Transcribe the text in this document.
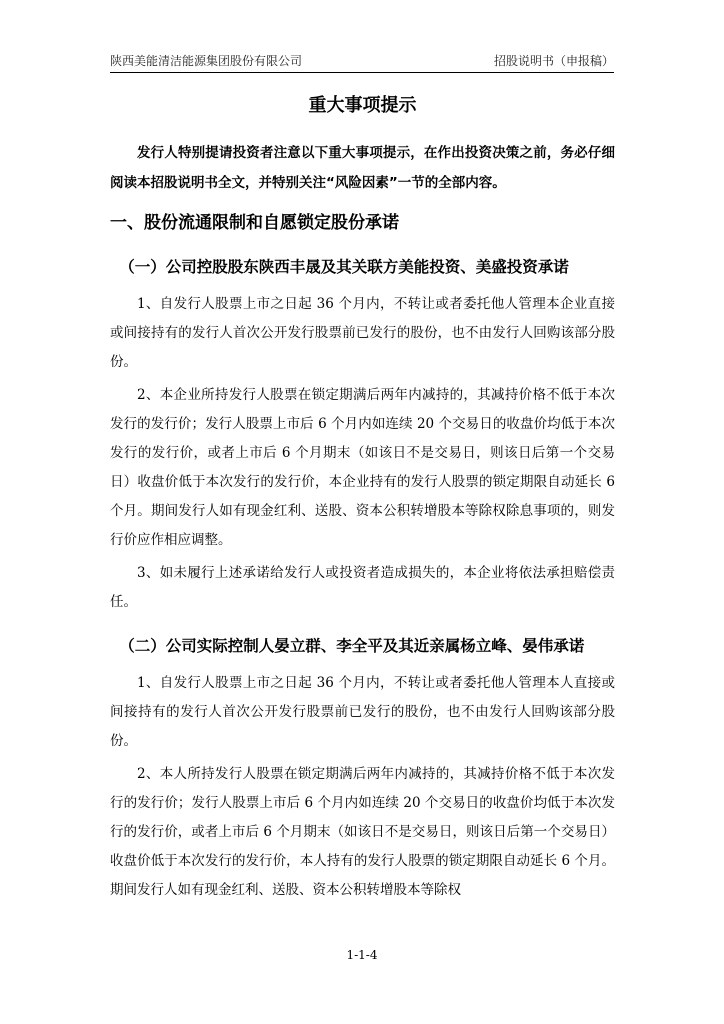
陕西美能清洁能源集团股份有限公司	招股说明书（申报稿）
重大事项提示

发行人特别提请投资者注意以下重大事项提示，在作出投资决策之前，务必仔细阅读本招股说明书全文，并特别关注“风险因素”一节的全部内容。

一、股份流通限制和自愿锁定股份承诺
（一）公司控股股东陕西丰晟及其关联方美能投资、美盛投资承诺

1、自发行人股票上市之日起 36 个月内，不转让或者委托他人管理本企业直接或间接持有的发行人首次公开发行股票前已发行的股份，也不由发行人回购该部分股份。

2、本企业所持发行人股票在锁定期满后两年内减持的，其减持价格不低于本次发行的发行价；发行人股票上市后 6 个月内如连续 20 个交易日的收盘价均低于本次发行的发行价，或者上市后 6 个月期末（如该日不是交易日，则该日后第一个交易日）收盘价低于本次发行的发行价，本企业持有的发行人股票的锁定期限自动延长 6 个月。期间发行人如有现金红利、送股、资本公积转增股本等除权除息事项的，则发行价应作相应调整。

3、如未履行上述承诺给发行人或投资者造成损失的，本企业将依法承担赔偿责任。

（二）公司实际控制人晏立群、李全平及其近亲属杨立峰、晏伟承诺

1、自发行人股票上市之日起 36 个月内，不转让或者委托他人管理本人直接或间接持有的发行人首次公开发行股票前已发行的股份，也不由发行人回购该部分股份。

2、本人所持发行人股票在锁定期满后两年内减持的，其减持价格不低于本次发行的发行价；发行人股票上市后 6 个月内如连续 20 个交易日的收盘价均低于本次发行的发行价，或者上市后 6 个月期末（如该日不是交易日，则该日后第一个交易日）收盘价低于本次发行的发行价，本人持有的发行人股票的锁定期限自动延长 6 个月。期间发行人如有现金红利、送股、资本公积转增股本等除权

1-1-4
